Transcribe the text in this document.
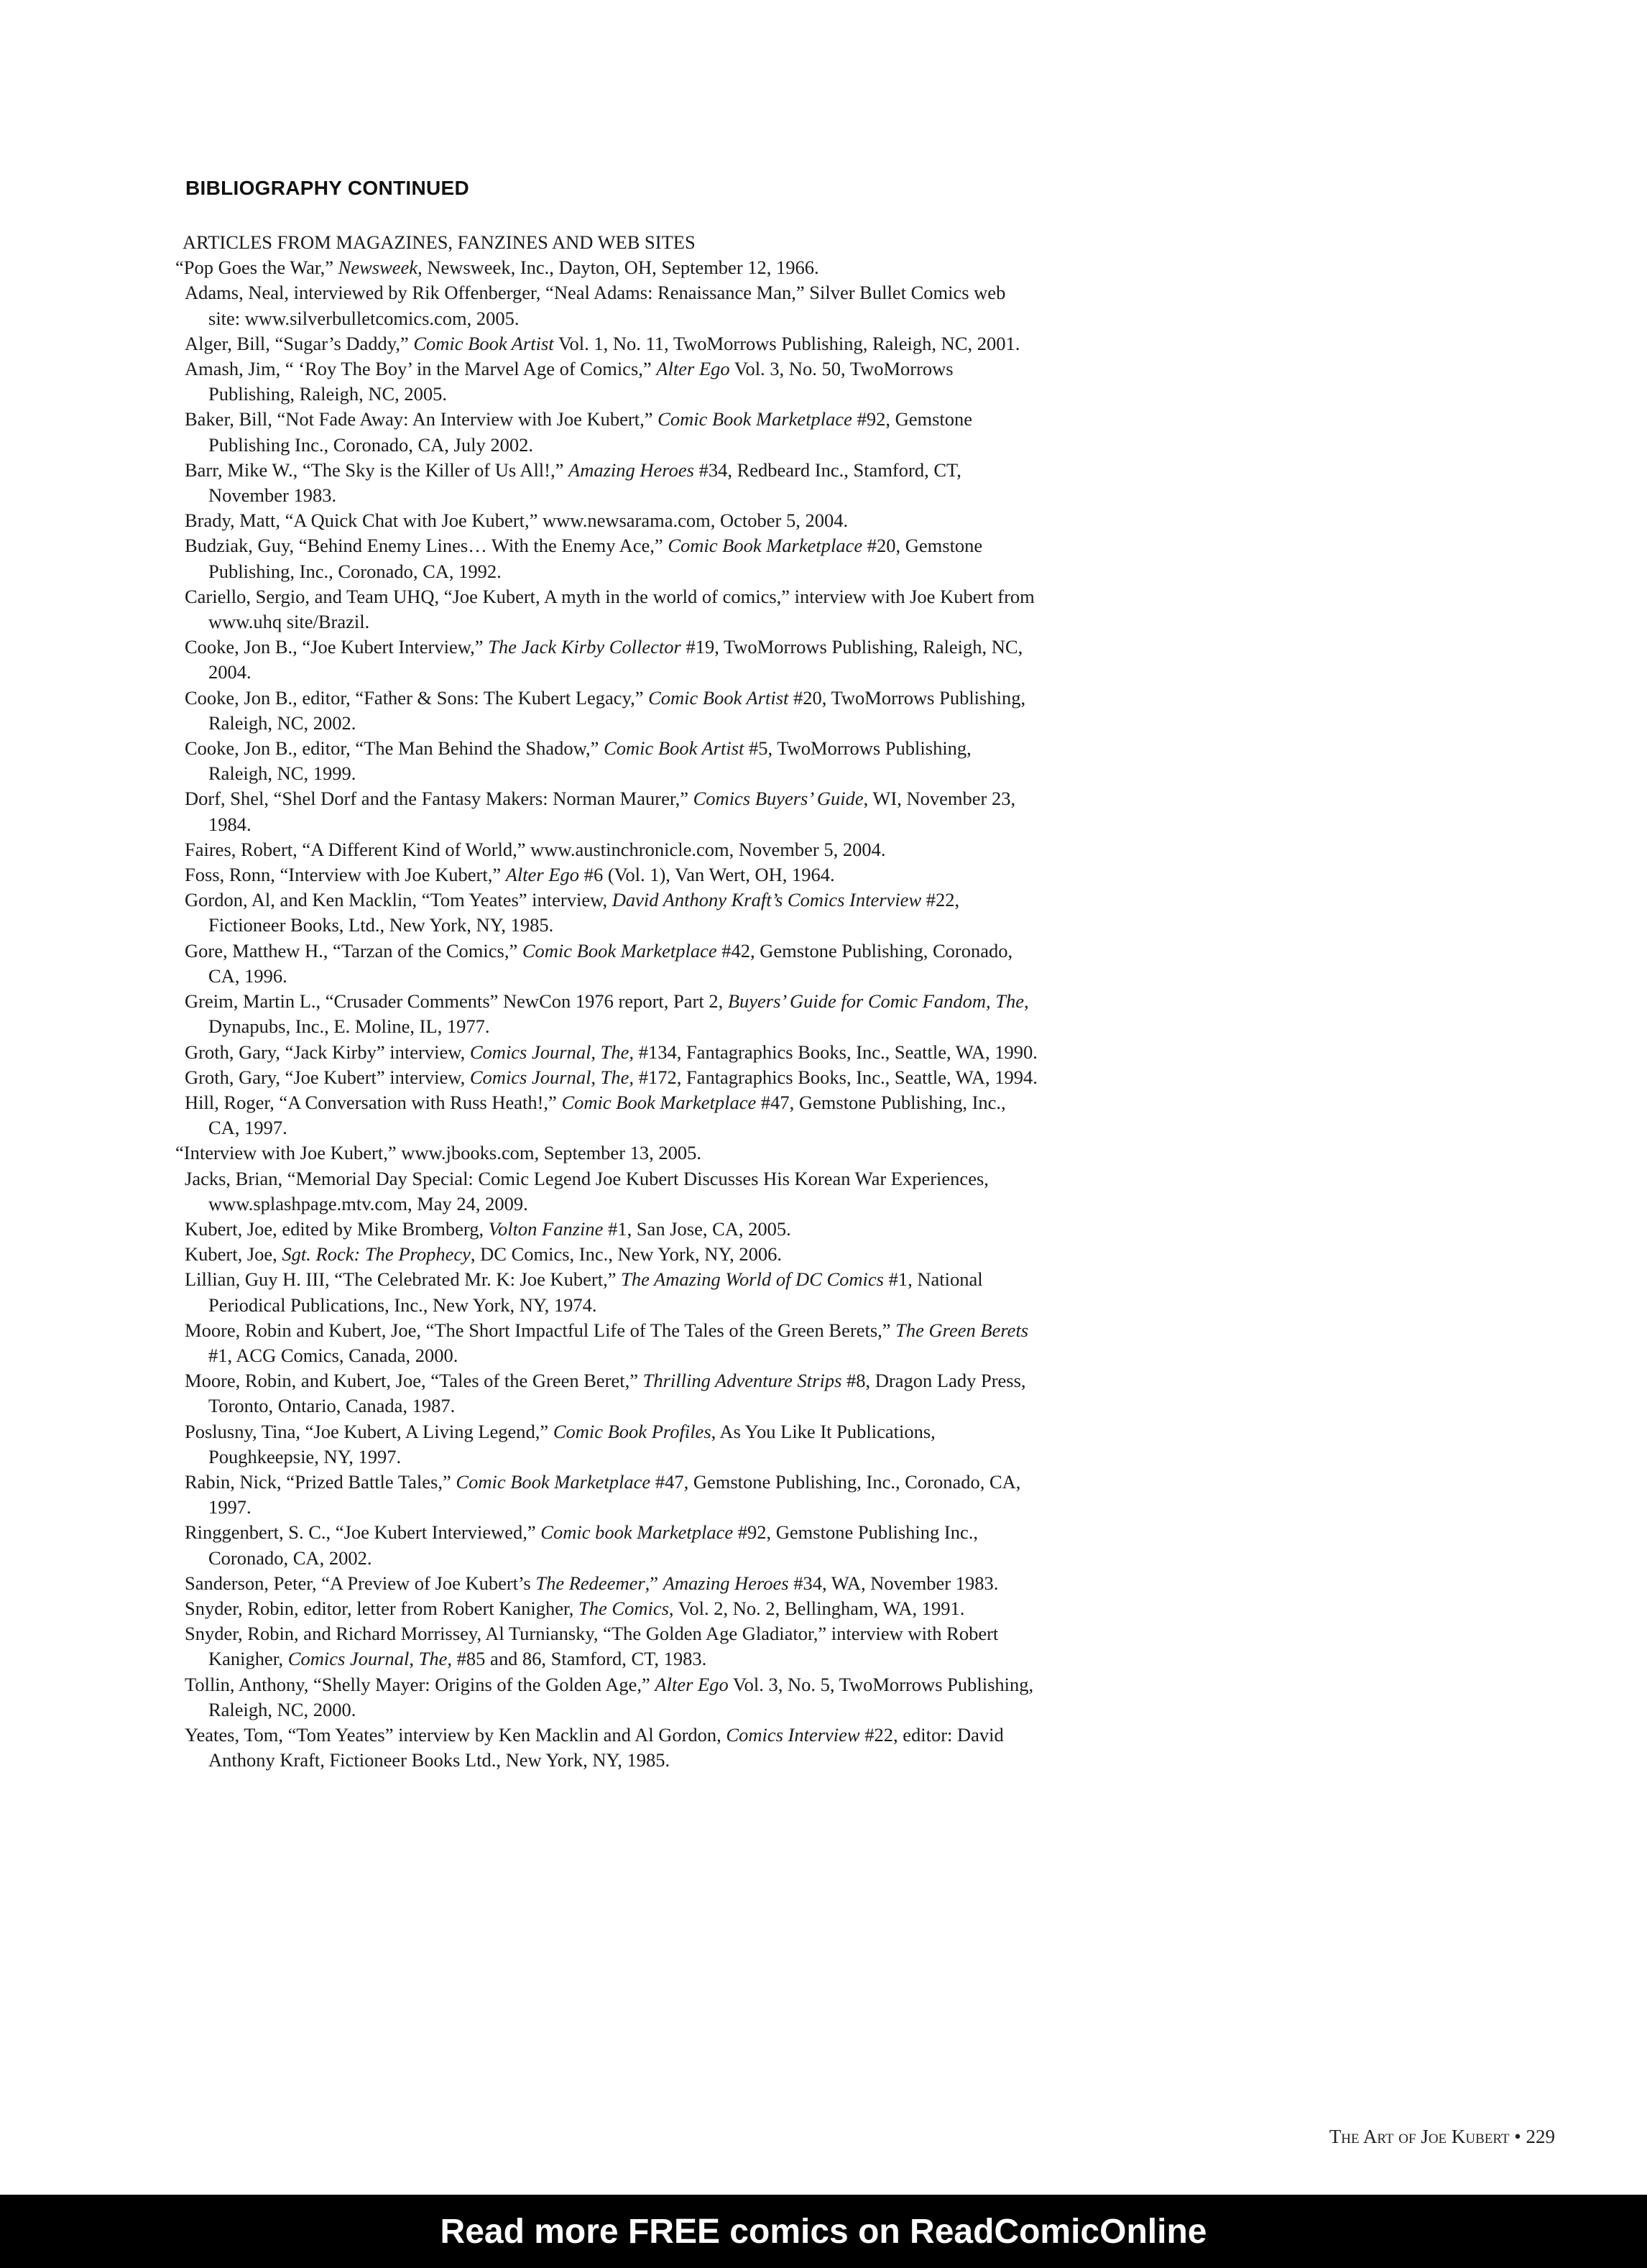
BIBLIOGRAPHY CONTINUED
ARTICLES FROM MAGAZINES, FANZINES AND WEB SITES
“Pop Goes the War,” Newsweek, Newsweek, Inc., Dayton, OH, September 12, 1966.
Adams, Neal, interviewed by Rik Offenberger, “Neal Adams: Renaissance Man,” Silver Bullet Comics web site: www.silverbulletcomics.com, 2005.
Alger, Bill, “Sugar’s Daddy,” Comic Book Artist Vol. 1, No. 11, TwoMorrows Publishing, Raleigh, NC, 2001.
Amash, Jim, “ ‘Roy The Boy’ in the Marvel Age of Comics,” Alter Ego Vol. 3, No. 50, TwoMorrows Publishing, Raleigh, NC, 2005.
Baker, Bill, “Not Fade Away: An Interview with Joe Kubert,” Comic Book Marketplace #92, Gemstone Publishing Inc., Coronado, CA, July 2002.
Barr, Mike W., “The Sky is the Killer of Us All!,” Amazing Heroes #34, Redbeard Inc., Stamford, CT, November 1983.
Brady, Matt, “A Quick Chat with Joe Kubert,” www.newsarama.com, October 5, 2004.
Budziak, Guy, “Behind Enemy Lines… With the Enemy Ace,” Comic Book Marketplace #20, Gemstone Publishing, Inc., Coronado, CA, 1992.
Cariello, Sergio, and Team UHQ, “Joe Kubert, A myth in the world of comics,” interview with Joe Kubert from www.uhq site/Brazil.
Cooke, Jon B., “Joe Kubert Interview,” The Jack Kirby Collector #19, TwoMorrows Publishing, Raleigh, NC, 2004.
Cooke, Jon B., editor, “Father & Sons: The Kubert Legacy,” Comic Book Artist #20, TwoMorrows Publishing, Raleigh, NC, 2002.
Cooke, Jon B., editor, “The Man Behind the Shadow,” Comic Book Artist #5, TwoMorrows Publishing, Raleigh, NC, 1999.
Dorf, Shel, “Shel Dorf and the Fantasy Makers: Norman Maurer,” Comics Buyers’ Guide, WI, November 23, 1984.
Faires, Robert, “A Different Kind of World,” www.austinchronicle.com, November 5, 2004.
Foss, Ronn, “Interview with Joe Kubert,” Alter Ego #6 (Vol. 1), Van Wert, OH, 1964.
Gordon, Al, and Ken Macklin, “Tom Yeates” interview, David Anthony Kraft’s Comics Interview #22, Fictioneer Books, Ltd., New York, NY, 1985.
Gore, Matthew H., “Tarzan of the Comics,” Comic Book Marketplace #42, Gemstone Publishing, Coronado, CA, 1996.
Greim, Martin L., “Crusader Comments” NewCon 1976 report, Part 2, Buyers’ Guide for Comic Fandom, The, Dynapubs, Inc., E. Moline, IL, 1977.
Groth, Gary, “Jack Kirby” interview, Comics Journal, The, #134, Fantagraphics Books, Inc., Seattle, WA, 1990.
Groth, Gary, “Joe Kubert” interview, Comics Journal, The, #172, Fantagraphics Books, Inc., Seattle, WA, 1994.
Hill, Roger, “A Conversation with Russ Heath!,” Comic Book Marketplace #47, Gemstone Publishing, Inc., CA, 1997.
“Interview with Joe Kubert,” www.jbooks.com, September 13, 2005.
Jacks, Brian, “Memorial Day Special: Comic Legend Joe Kubert Discusses His Korean War Experiences, www.splashpage.mtv.com, May 24, 2009.
Kubert, Joe, edited by Mike Bromberg, Volton Fanzine #1, San Jose, CA, 2005.
Kubert, Joe, Sgt. Rock: The Prophecy, DC Comics, Inc., New York, NY, 2006.
Lillian, Guy H. III, “The Celebrated Mr. K: Joe Kubert,” The Amazing World of DC Comics #1, National Periodical Publications, Inc., New York, NY, 1974.
Moore, Robin and Kubert, Joe, “The Short Impactful Life of The Tales of the Green Berets,” The Green Berets #1, ACG Comics, Canada, 2000.
Moore, Robin, and Kubert, Joe, “Tales of the Green Beret,” Thrilling Adventure Strips #8, Dragon Lady Press, Toronto, Ontario, Canada, 1987.
Poslusny, Tina, “Joe Kubert, A Living Legend,” Comic Book Profiles, As You Like It Publications, Poughkeepsie, NY, 1997.
Rabin, Nick, “Prized Battle Tales,” Comic Book Marketplace #47, Gemstone Publishing, Inc., Coronado, CA, 1997.
Ringgenbert, S. C., “Joe Kubert Interviewed,” Comic book Marketplace #92, Gemstone Publishing Inc., Coronado, CA, 2002.
Sanderson, Peter, “A Preview of Joe Kubert’s The Redeemer,” Amazing Heroes #34, WA, November 1983.
Snyder, Robin, editor, letter from Robert Kanigher, The Comics, Vol. 2, No. 2, Bellingham, WA, 1991.
Snyder, Robin, and Richard Morrissey, Al Turniansky, “The Golden Age Gladiator,” interview with Robert Kanigher, Comics Journal, The, #85 and 86, Stamford, CT, 1983.
Tollin, Anthony, “Shelly Mayer: Origins of the Golden Age,” Alter Ego Vol. 3, No. 5, TwoMorrows Publishing, Raleigh, NC, 2000.
Yeates, Tom, “Tom Yeates” interview by Ken Macklin and Al Gordon, Comics Interview #22, editor: David Anthony Kraft, Fictioneer Books Ltd., New York, NY, 1985.
The Art of Joe Kubert • 229
Read more FREE comics on ReadComicOnline
